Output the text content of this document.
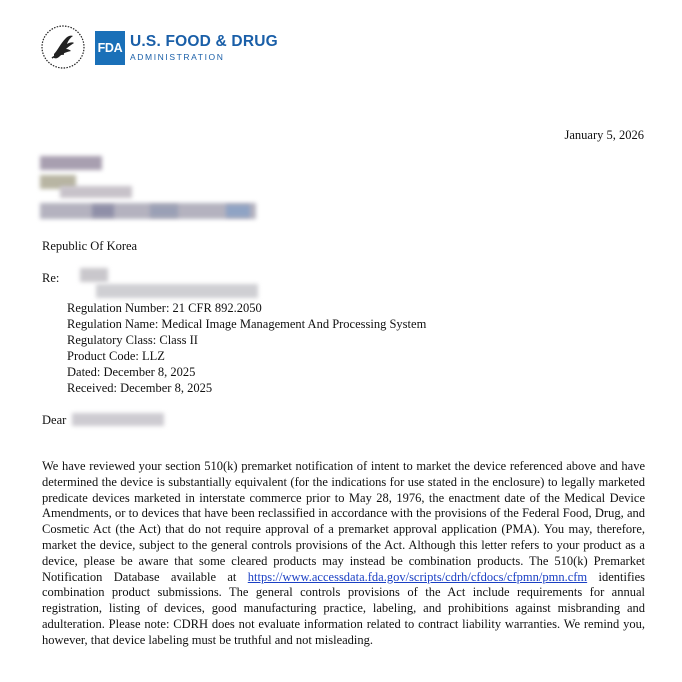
FDA U.S. FOOD & DRUG
ADMINISTRATION
January 5, 2026
Republic Of Korea
Re:
Regulation Number: 21 CFR 892.2050
Regulation Name: Medical Image Management And Processing System
Regulatory Class: Class II
Product Code: LLZ
Dated: December 8, 2025
Received: December 8, 2025
Dear
We have reviewed your section 510(k) premarket notification of intent to market the device referenced above and have determined the device is substantially equivalent (for the indications for use stated in the enclosure) to legally marketed predicate devices marketed in interstate commerce prior to May 28, 1976, the enactment date of the Medical Device Amendments, or to devices that have been reclassified in accordance with the provisions of the Federal Food, Drug, and Cosmetic Act (the Act) that do not require approval of a premarket approval application (PMA). You may, therefore, market the device, subject to the general controls provisions of the Act. Although this letter refers to your product as a device, please be aware that some cleared products may instead be combination products. The 510(k) Premarket Notification Database available at https://www.accessdata.fda.gov/scripts/cdrh/cfdocs/cfpmn/pmn.cfm identifies combination product submissions. The general controls provisions of the Act include requirements for annual registration, listing of devices, good manufacturing practice, labeling, and prohibitions against misbranding and adulteration. Please note: CDRH does not evaluate information related to contract liability warranties. We remind you, however, that device labeling must be truthful and not misleading.
